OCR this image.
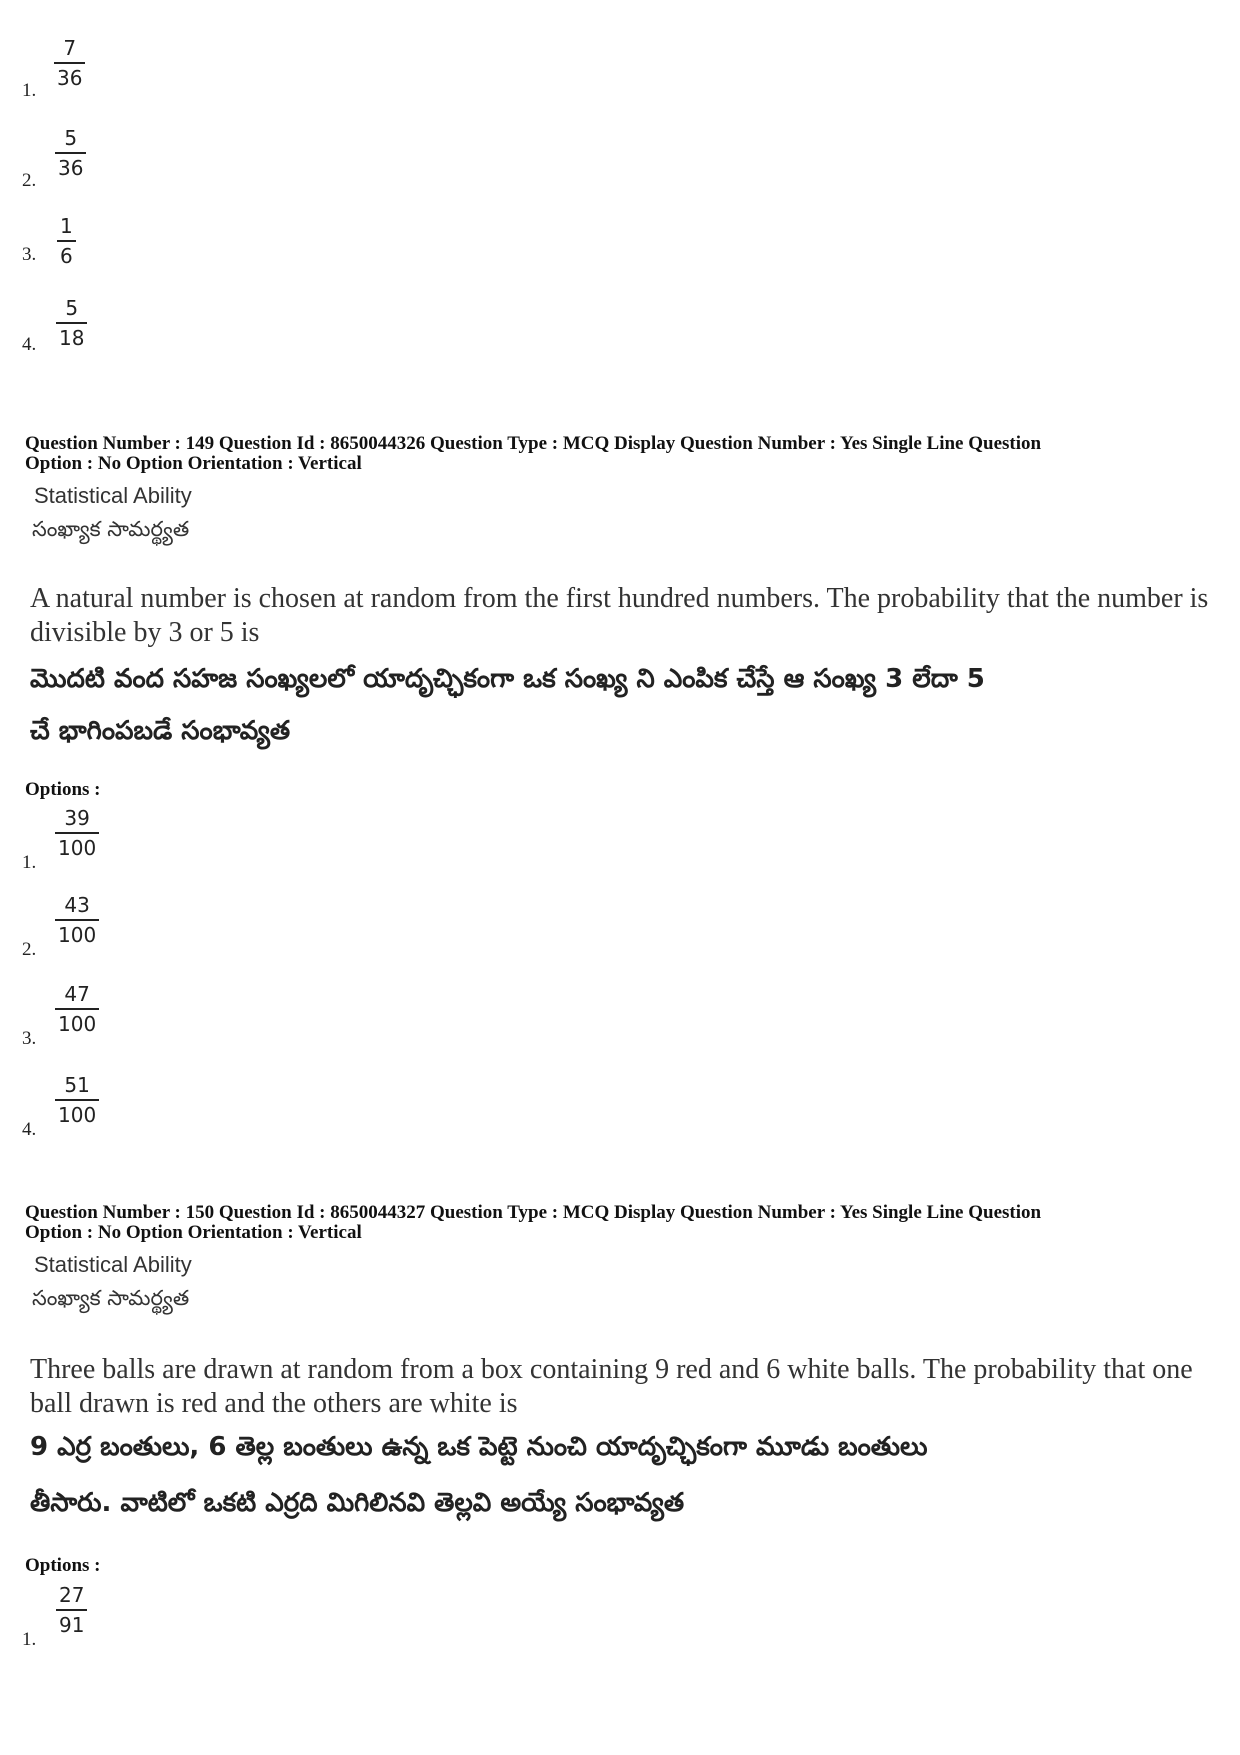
1.
7
36
2.
5
36
3.
1
6
4.
5
18
Question Number : 149 Question Id : 8650044326 Question Type : MCQ Display Question Number : Yes Single Line Question
Option : No Option Orientation : Vertical
Statistical Ability
సంఖ్యాక సామర్థ్యత
A natural number is chosen at random from the first hundred numbers. The probability that the number is divisible by 3 or 5 is
మొదటి వంద సహజ సంఖ్యలలో యాదృచ్ఛికంగా ఒక సంఖ్య ని ఎంపిక చేస్తే ఆ సంఖ్య 3 లేదా 5
చే భాగింపబడే సంభావ్యత
Options :
1.
39
100
2.
43
100
3.
47
100
4.
51
100
Question Number : 150 Question Id : 8650044327 Question Type : MCQ Display Question Number : Yes Single Line Question
Option : No Option Orientation : Vertical
Statistical Ability
సంఖ్యాక సామర్థ్యత
Three balls are drawn at random from a box containing 9 red and 6 white balls. The probability that one ball drawn is red and the others are white is
9 ఎర్ర బంతులు, 6 తెల్ల బంతులు ఉన్న ఒక పెట్టె నుంచి యాదృచ్ఛికంగా మూడు బంతులు
తీసారు. వాటిలో ఒకటి ఎర్రది మిగిలినవి తెల్లవి అయ్యే సంభావ్యత
Options :
1.
27
91
